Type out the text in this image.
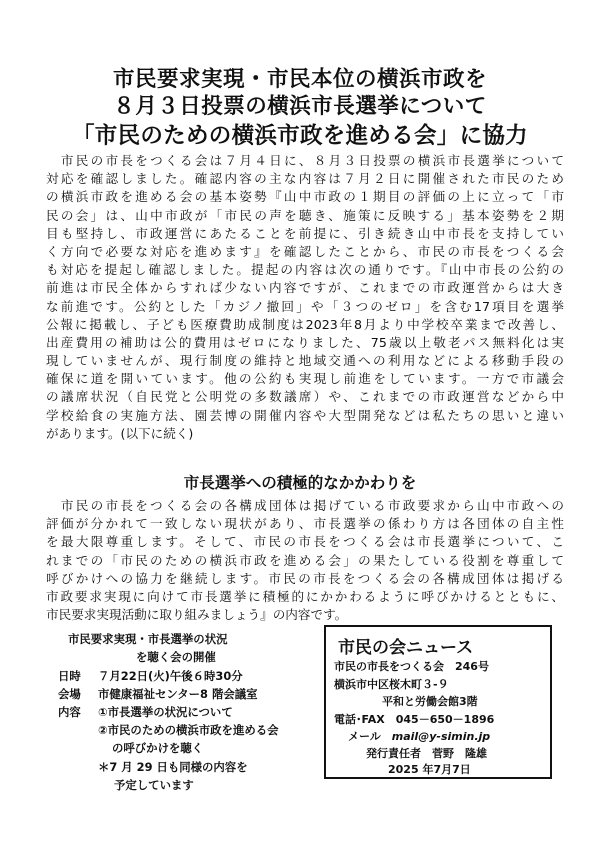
市民要求実現・市民本位の横浜市政を
８月３日投票の横浜市長選挙について
「市民のための横浜市政を進める会」に協力

　市民の市長をつくる会は７月４日に、８月３日投票の横浜市長選挙について

対応を確認しました。確認内容の主な内容は７月２日に開催された市民のため

の横浜市政を進める会の基本姿勢『山中市政の１期目の評価の上に立って「市

民の会」は、山中市政が「市民の声を聴き、施策に反映する」基本姿勢を２期

目も堅持し、市政運営にあたることを前提に、引き続き山中市長を支持してい

く方向で必要な対応を進めます』を確認したことから、市民の市長をつくる会

も対応を提起し確認しました。提起の内容は次の通りです。『山中市長の公約の

前進は市民全体からすれば少ない内容ですが、これまでの市政運営からは大き

な前進です。公約とした「カジノ撤回」や「３つのゼロ」を含む17項目を選挙

公報に掲載し、子ども医療費助成制度は2023年8月より中学校卒業まで改善し、

出産費用の補助は公的費用はゼロになりました、75歳以上敬老パス無料化は実

現していませんが、現行制度の維持と地域交通への利用などによる移動手段の

確保に道を開いています。他の公約も実現し前進をしています。一方で市議会

の議席状況（自民党と公明党の多数議席）や、これまでの市政運営などから中

学校給食の実施方法、園芸博の開催内容や大型開発などは私たちの思いと違い

があります。(以下に続く)

市長選挙への積極的なかかわりを

　市民の市長をつくる会の各構成団体は掲げている市政要求から山中市政への

評価が分かれて一致しない現状があり、市長選挙の係わり方は各団体の自主性

を最大限尊重します。そして、市民の市長をつくる会は市長選挙について、こ

れまでの「市民のための横浜市政を進める会」の果たしている役割を尊重して

呼びかけへの協力を継続します。市民の市長をつくる会の各構成団体は掲げる

市政要求実現に向けて市長選挙に積極的にかかわるように呼びかけるとともに、

市民要求実現活動に取り組みましょう』の内容です。

市民要求実現・市長選挙の状況
を聴く会の開催
日時 ７月22日(火)午後６時30分
会場 市健康福祉センター8 階会議室
内容 ①市長選挙の状況について
②市民のための横浜市政を進める会
の呼びかけを聴く
＊7 月 29 日も同様の内容を
予定しています
市民の会ニュース
市民の市長をつくる会　246号
横浜市中区桜木町３-９
平和と労働会館3階
電話･FAX　045－650－1896
メール　 mail@y-simin.jp
発行責任者　 菅野　隆雄
2025 年7月7日
